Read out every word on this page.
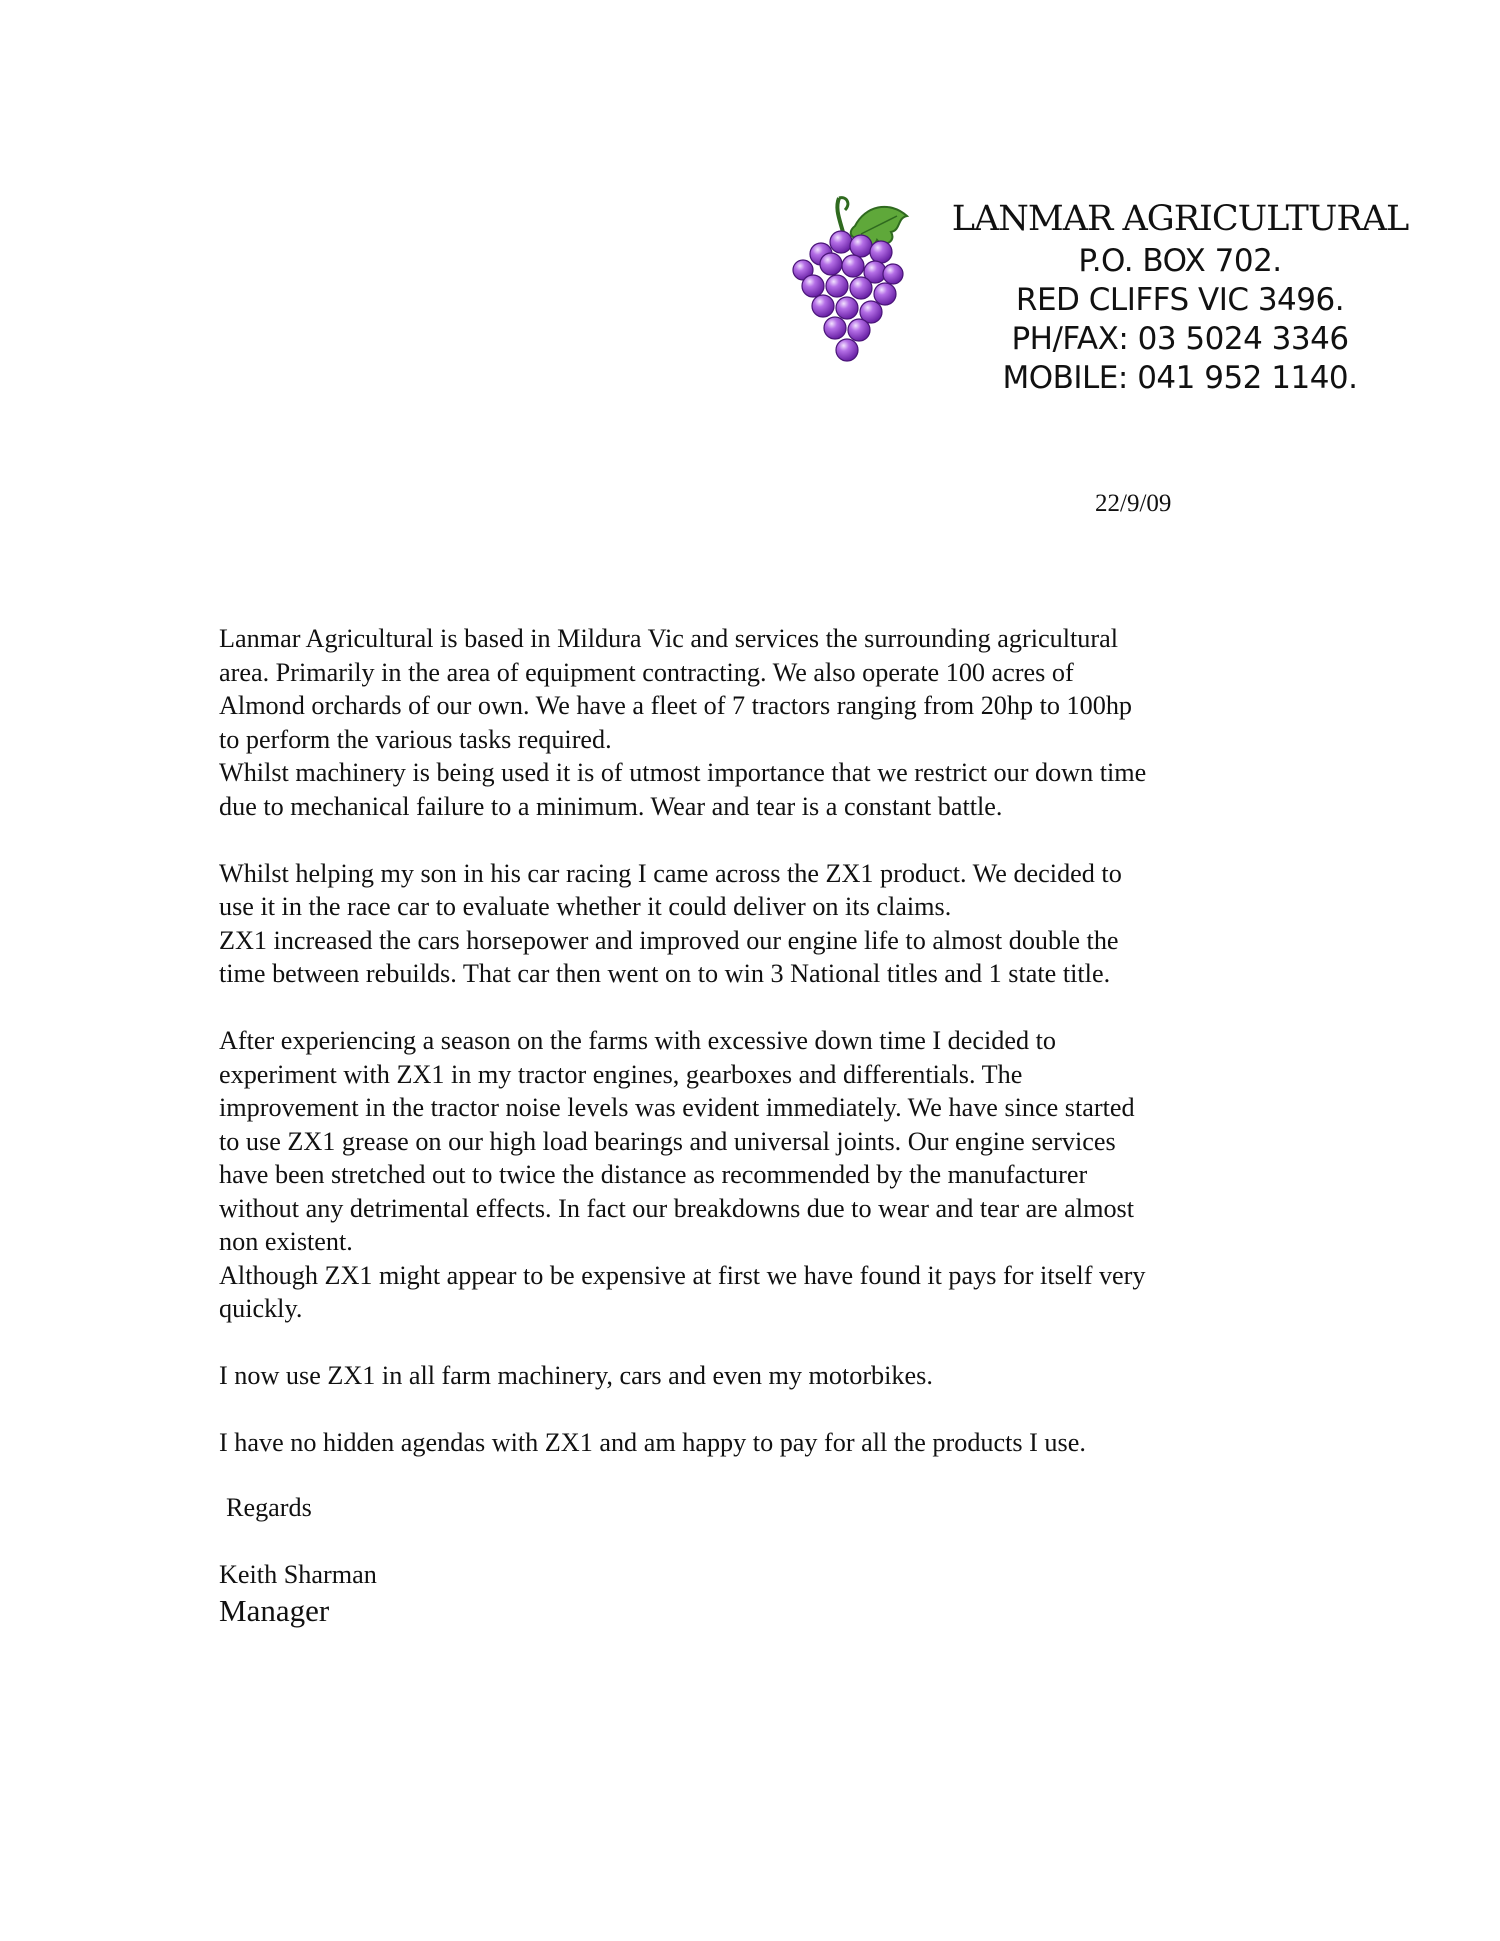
LANMAR AGRICULTURAL
P.O. BOX 702.
RED CLIFFS VIC 3496.
PH/FAX: 03 5024 3346
MOBILE: 041 952 1140.
22/9/09
Lanmar Agricultural is based in Mildura Vic and services the surrounding agricultural
area. Primarily in the area of equipment contracting. We also operate 100 acres of
Almond orchards of our own. We have a fleet of 7 tractors ranging from 20hp to 100hp
to perform the various tasks required.
Whilst machinery is being used it is of utmost importance that we restrict our down time
due to mechanical failure to a minimum. Wear and tear is a constant battle.
Whilst helping my son in his car racing I came across the ZX1 product. We decided to
use it in the race car to evaluate whether it could deliver on its claims.
ZX1 increased the cars horsepower and improved our engine life to almost double the
time between rebuilds. That car then went on to win 3 National titles and 1 state title.
After experiencing a season on the farms with excessive down time I decided to
experiment with ZX1 in my tractor engines, gearboxes and differentials. The
improvement in the tractor noise levels was evident immediately. We have since started
to use ZX1 grease on our high load bearings and universal joints. Our engine services
have been stretched out to twice the distance as recommended by the manufacturer
without any detrimental effects. In fact our breakdowns due to wear and tear are almost
non existent.
Although ZX1 might appear to be expensive at first we have found it pays for itself very
quickly.
I now use ZX1 in all farm machinery, cars and even my motorbikes.
I have no hidden agendas with ZX1 and am happy to pay for all the products I use.
Regards
Keith Sharman
Manager
